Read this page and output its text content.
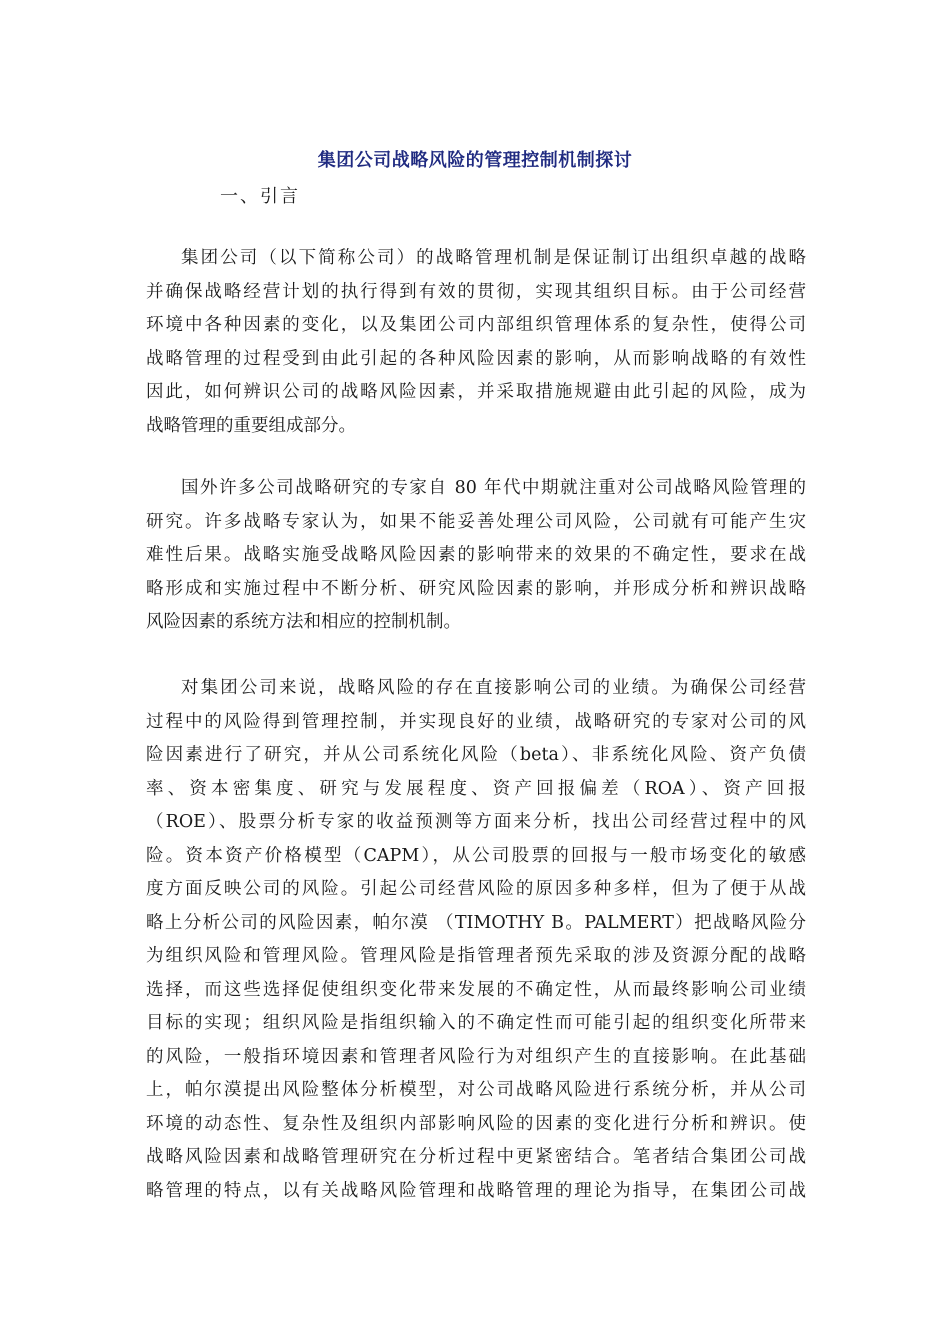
集团公司战略风险的管理控制机制探讨
一、引言
集团公司（以下简称公司）的战略管理机制是保证制订出组织卓越的战略
并确保战略经营计划的执行得到有效的贯彻，实现其组织目标。由于公司经营
环境中各种因素的变化，以及集团公司内部组织管理体系的复杂性，使得公司
战略管理的过程受到由此引起的各种风险因素的影响，从而影响战略的有效性
因此，如何辨识公司的战略风险因素，并采取措施规避由此引起的风险，成为
战略管理的重要组成部分。
国外许多公司战略研究的专家自 80 年代中期就注重对公司战略风险管理的
研究。许多战略专家认为，如果不能妥善处理公司风险，公司就有可能产生灾
难性后果。战略实施受战略风险因素的影响带来的效果的不确定性，要求在战
略形成和实施过程中不断分析、研究风险因素的影响，并形成分析和辨识战略
风险因素的系统方法和相应的控制机制。
对集团公司来说，战略风险的存在直接影响公司的业绩。为确保公司经营
过程中的风险得到管理控制，并实现良好的业绩，战略研究的专家对公司的风
险因素进行了研究，并从公司系统化风险（beta）、非系统化风险、资产负债
率、资本密集度、研究与发展程度、资产回报偏差（ROA）、资产回报
（ROE）、股票分析专家的收益预测等方面来分析，找出公司经营过程中的风
险。资本资产价格模型（CAPM），从公司股票的回报与一般市场变化的敏感
度方面反映公司的风险。引起公司经营风险的原因多种多样，但为了便于从战
略上分析公司的风险因素，帕尔漠 （TIMOTHY B。PALMERT）把战略风险分
为组织风险和管理风险。管理风险是指管理者预先采取的涉及资源分配的战略
选择，而这些选择促使组织变化带来发展的不确定性，从而最终影响公司业绩
目标的实现；组织风险是指组织输入的不确定性而可能引起的组织变化所带来
的风险，一般指环境因素和管理者风险行为对组织产生的直接影响。在此基础
上，帕尔漠提出风险整体分析模型，对公司战略风险进行系统分析，并从公司
环境的动态性、复杂性及组织内部影响风险的因素的变化进行分析和辨识。使
战略风险因素和战略管理研究在分析过程中更紧密结合。笔者结合集团公司战
略管理的特点，以有关战略风险管理和战略管理的理论为指导，在集团公司战
